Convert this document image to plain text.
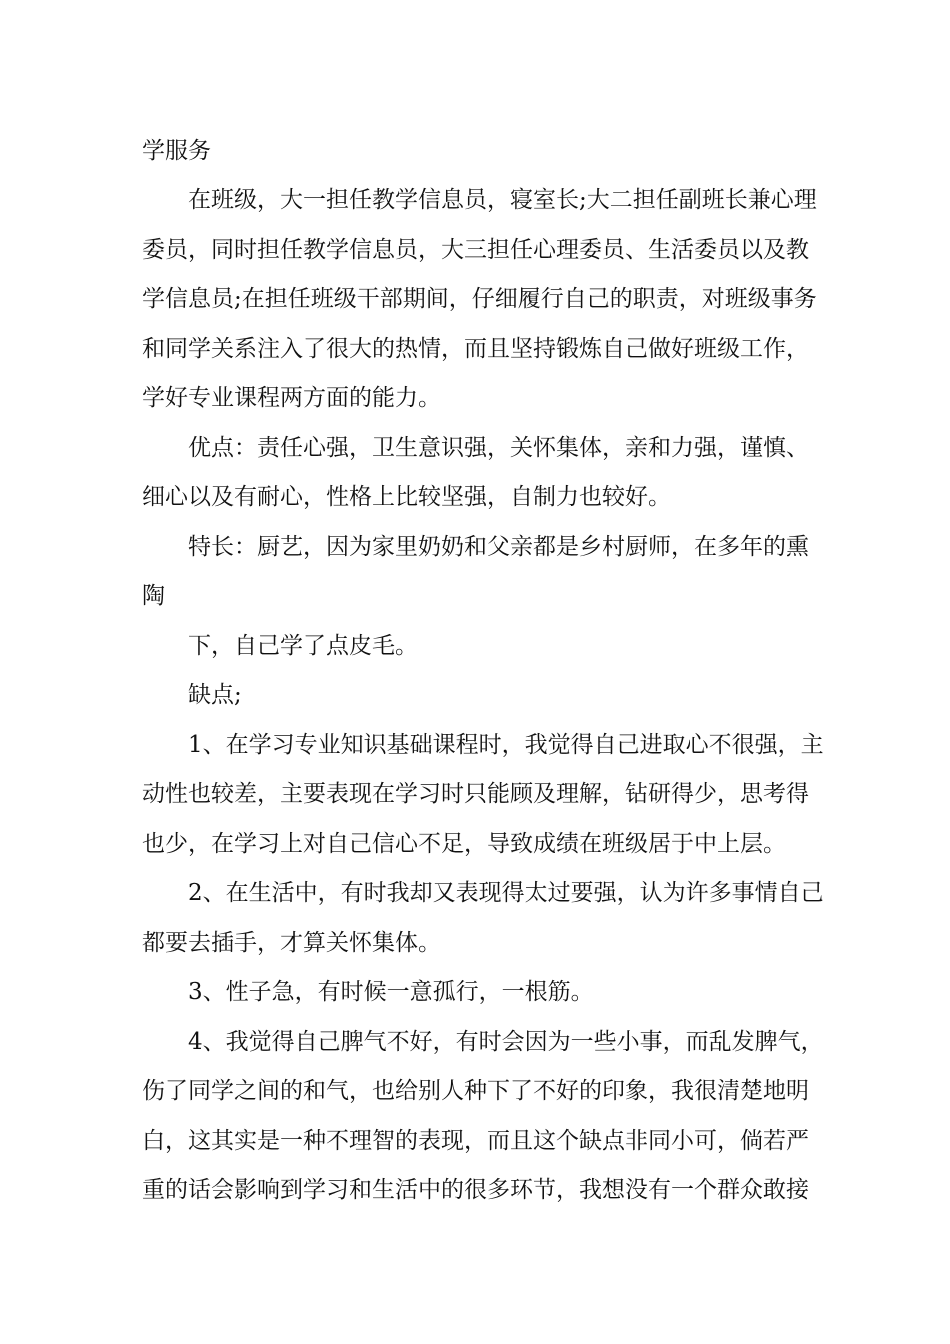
学服务
在班级，大一担任教学信息员，寝室长;大二担任副班长兼心理
委员，同时担任教学信息员，大三担任心理委员、生活委员以及教
学信息员;在担任班级干部期间，仔细履行自己的职责，对班级事务
和同学关系注入了很大的热情，而且坚持锻炼自己做好班级工作，
学好专业课程两方面的能力。
优点：责任心强，卫生意识强，关怀集体，亲和力强，谨慎、
细心以及有耐心，性格上比较坚强，自制力也较好。
特长：厨艺，因为家里奶奶和父亲都是乡村厨师，在多年的熏
陶
下，自己学了点皮毛。
缺点;
1、在学习专业知识基础课程时，我觉得自己进取心不很强，主
动性也较差，主要表现在学习时只能顾及理解，钻研得少，思考得
也少，在学习上对自己信心不足，导致成绩在班级居于中上层。
2、在生活中，有时我却又表现得太过要强，认为许多事情自己
都要去插手，才算关怀集体。
3、性子急，有时候一意孤行，一根筋。
4、我觉得自己脾气不好，有时会因为一些小事，而乱发脾气，
伤了同学之间的和气，也给别人种下了不好的印象，我很清楚地明
白，这其实是一种不理智的表现，而且这个缺点非同小可，倘若严
重的话会影响到学习和生活中的很多环节，我想没有一个群众敢接
